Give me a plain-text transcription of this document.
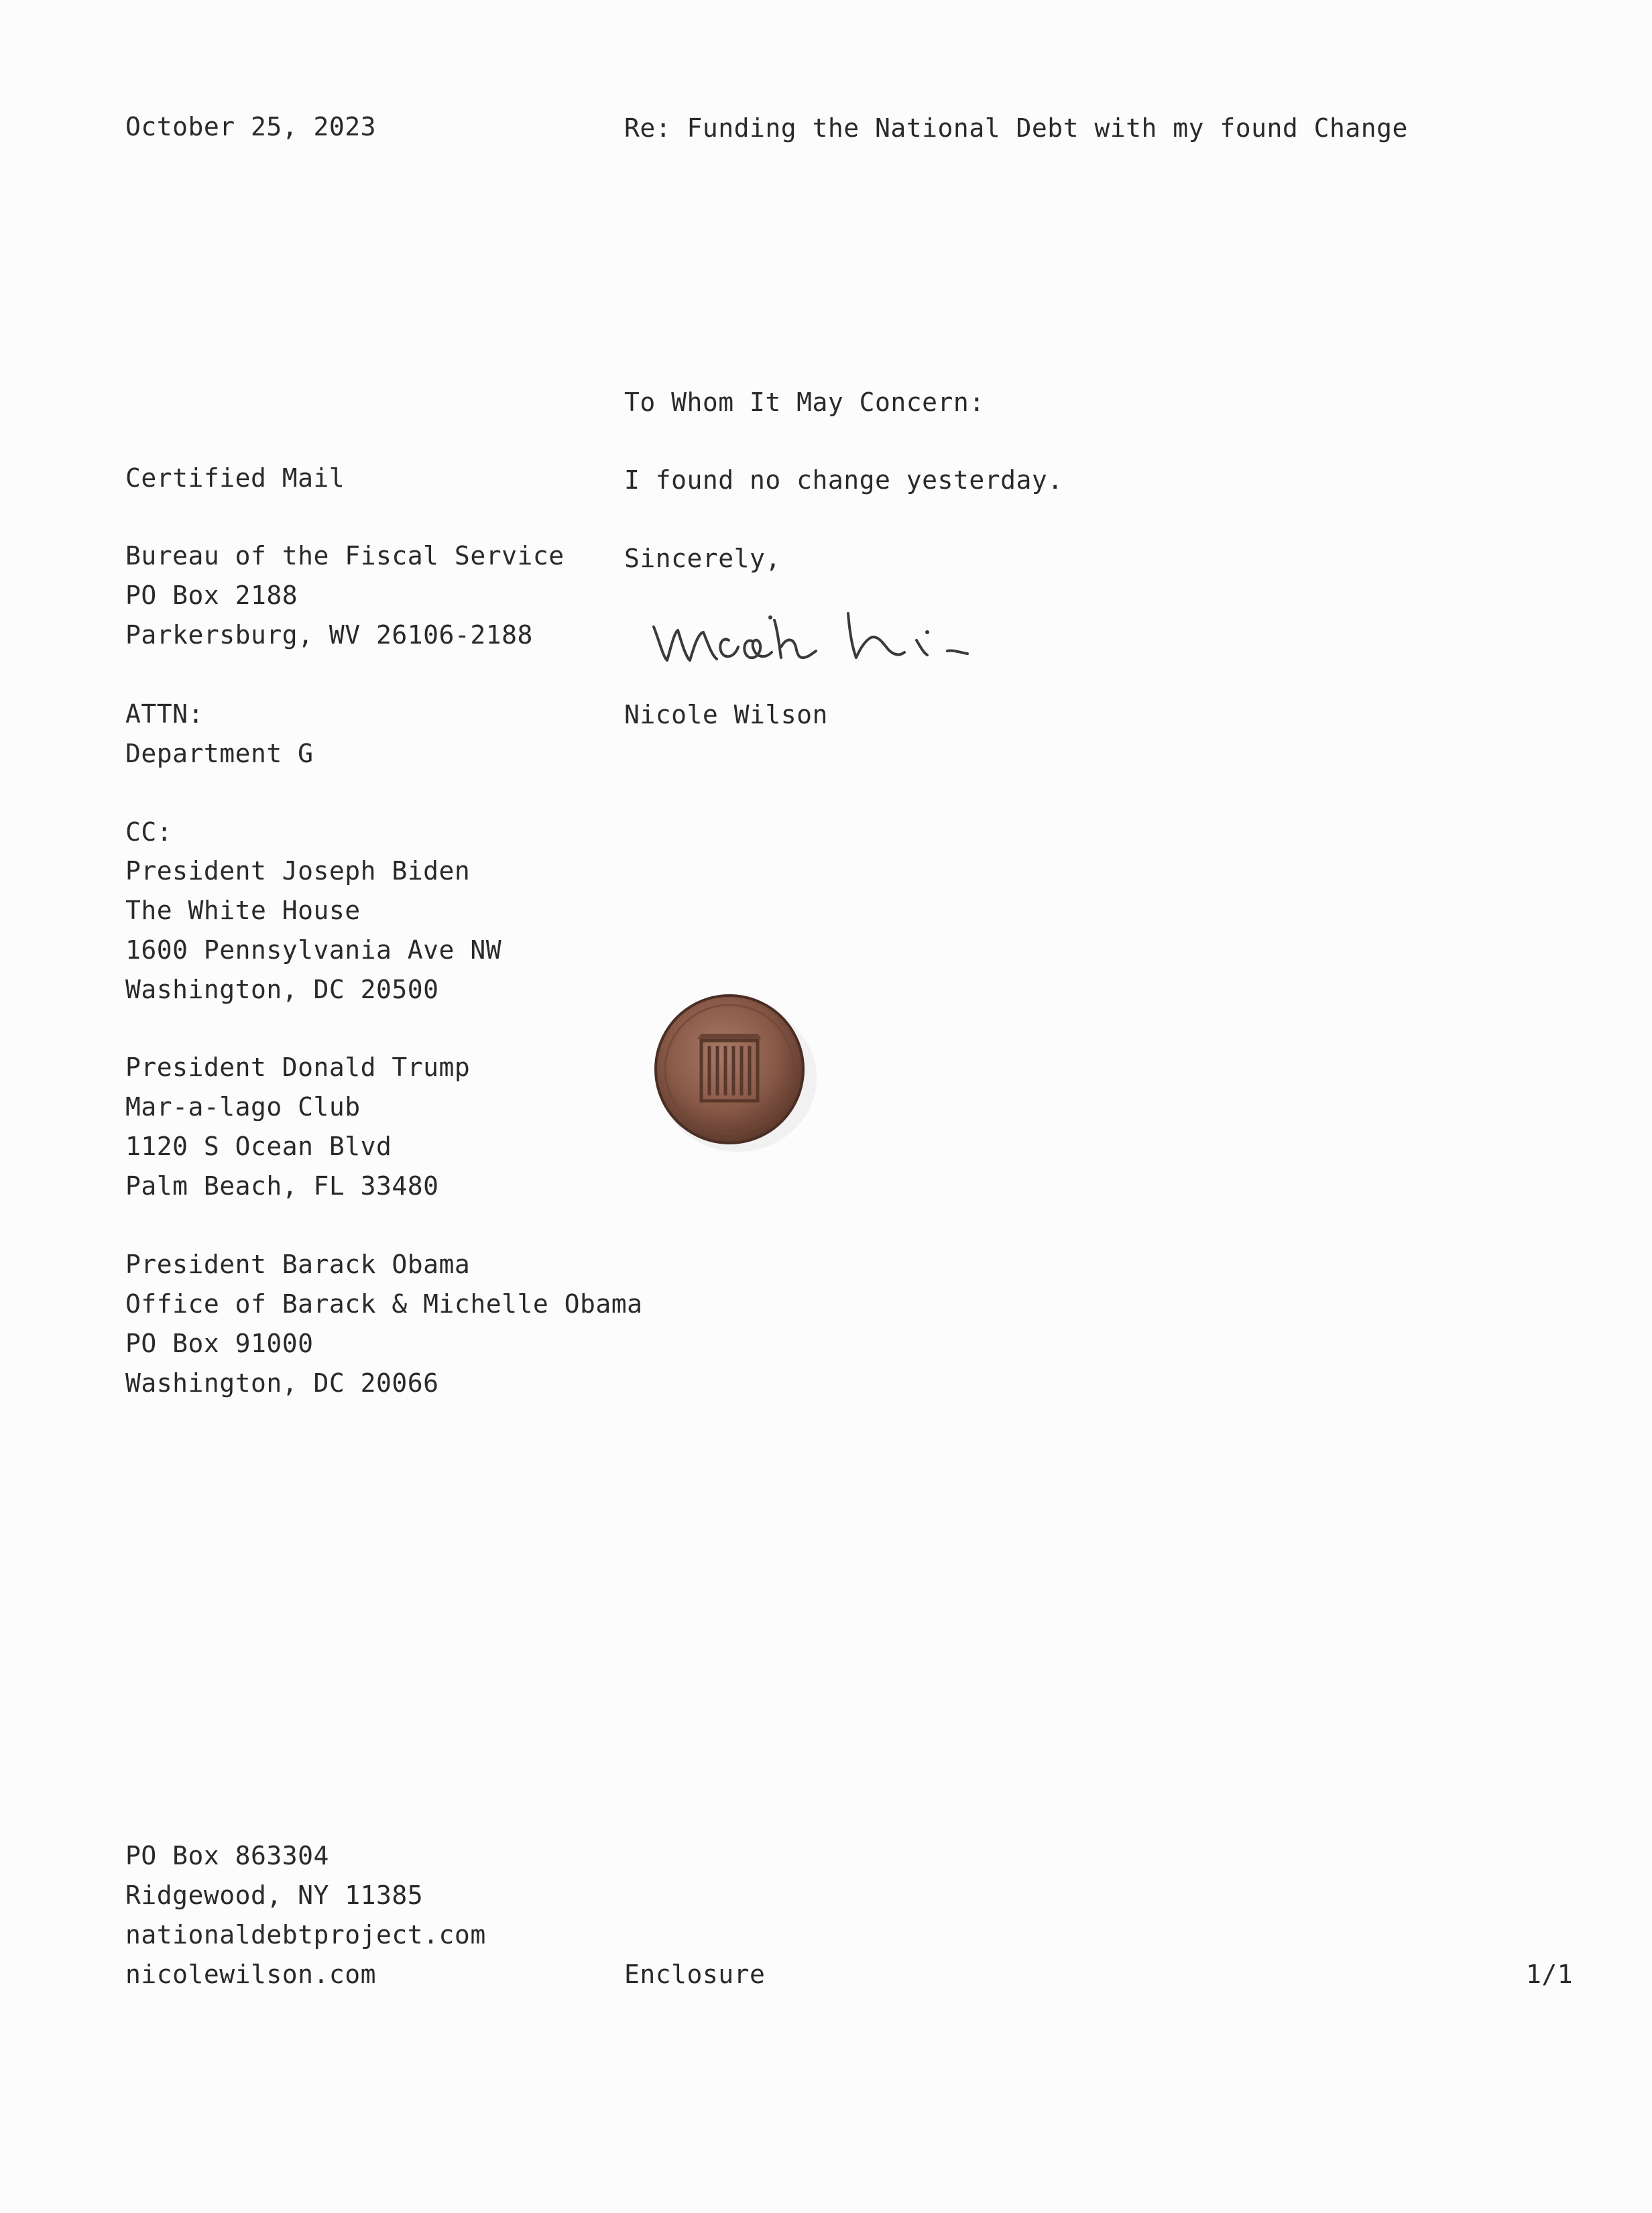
October 25, 2023	Re: Funding the National Debt with my found Change
To Whom It May Concern:
I found no change yesterday.
Sincerely,
Nicole Wilson
Certified Mail
Bureau of the Fiscal Service
PO Box 2188
Parkersburg, WV 26106-2188
ATTN:
Department G
CC:
President Joseph Biden
The White House
1600 Pennsylvania Ave NW
Washington, DC 20500
President Donald Trump
Mar-a-lago Club
1120 S Ocean Blvd
Palm Beach, FL 33480
President Barack Obama
Office of Barack & Michelle Obama
PO Box 91000
Washington, DC 20066
PO Box 863304
Ridgewood, NY 11385
nationaldebtproject.com
nicolewilson.com	Enclosure	1/1
